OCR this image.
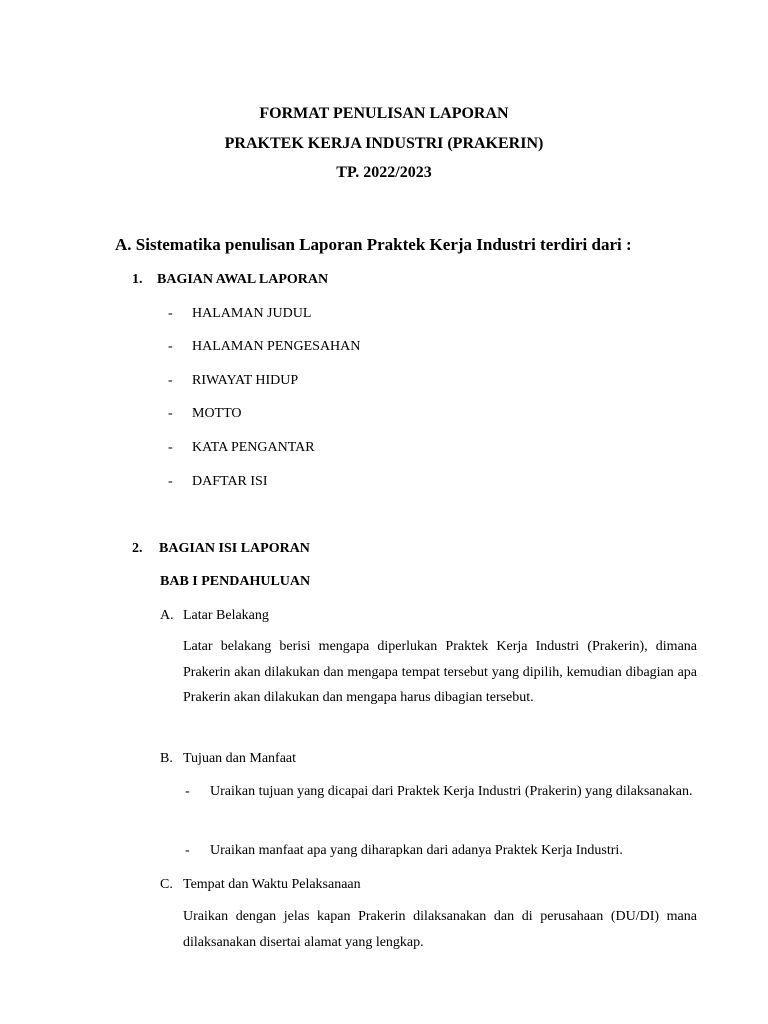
FORMAT PENULISAN LAPORAN
PRAKTEK KERJA INDUSTRI (PRAKERIN)
TP. 2022/2023
A. Sistematika penulisan Laporan Praktek Kerja Industri terdiri dari :
1. BAGIAN AWAL LAPORAN
- HALAMAN JUDUL
- HALAMAN PENGESAHAN
- RIWAYAT HIDUP
- MOTTO
- KATA PENGANTAR
- DAFTAR ISI
2. BAGIAN ISI LAPORAN
BAB I PENDAHULUAN
A. Latar Belakang
Latar belakang berisi mengapa diperlukan Praktek Kerja Industri (Prakerin), dimana Prakerin akan dilakukan dan mengapa tempat tersebut yang dipilih, kemudian dibagian apa Prakerin akan dilakukan dan mengapa harus dibagian tersebut.
B. Tujuan dan Manfaat
- Uraikan tujuan yang dicapai dari Praktek Kerja Industri (Prakerin) yang dilaksanakan.
- Uraikan manfaat apa yang diharapkan dari adanya Praktek Kerja Industri.
C. Tempat dan Waktu Pelaksanaan
Uraikan dengan jelas kapan Prakerin dilaksanakan dan di perusahaan (DU/DI) mana dilaksanakan disertai alamat yang lengkap.
